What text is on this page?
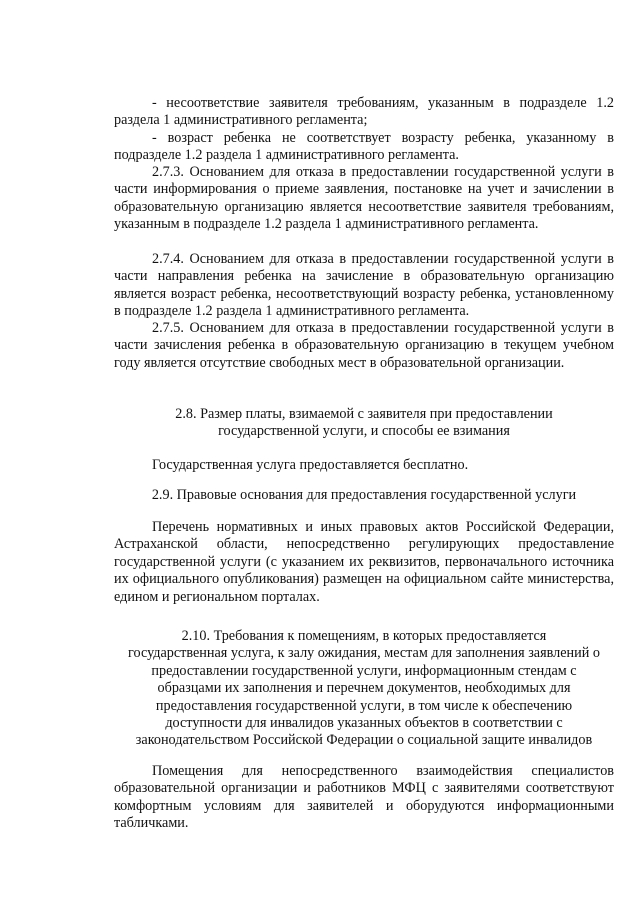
- несоответствие заявителя требованиям, указанным в подразделе 1.2 раздела 1 административного регламента;
- возраст ребенка не соответствует возрасту ребенка, указанному в подразделе 1.2 раздела 1 административного регламента.
2.7.3. Основанием для отказа в предоставлении государственной услуги в части информирования о приеме заявления, постановке на учет и зачислении в образовательную организацию является несоответствие заявителя требованиям, указанным в подразделе 1.2 раздела 1 административного регламента.
2.7.4. Основанием для отказа в предоставлении государственной услуги в части направления ребенка на зачисление в образовательную организацию является возраст ребенка, несоответствующий возрасту ребенка, установленному в подразделе 1.2 раздела 1 административного регламента.
2.7.5. Основанием для отказа в предоставлении государственной услуги в части зачисления ребенка в образовательную организацию в текущем учебном году является отсутствие свободных мест в образовательной организации.
2.8. Размер платы, взимаемой с заявителя при предоставлении
государственной услуги, и способы ее взимания
Государственная услуга предоставляется бесплатно.
2.9. Правовые основания для предоставления государственной услуги
Перечень нормативных и иных правовых актов Российской Федерации, Астраханской области, непосредственно регулирующих предоставление государственной услуги (с указанием их реквизитов, первоначального источника их официального опубликования) размещен на официальном сайте министерства, едином и региональном порталах.
2.10. Требования к помещениям, в которых предоставляется
государственная услуга, к залу ожидания, местам для заполнения заявлений о
предоставлении государственной услуги, информационным стендам с
образцами их заполнения и перечнем документов, необходимых для
предоставления государственной услуги, в том числе к обеспечению
доступности для инвалидов указанных объектов в соответствии с
законодательством Российской Федерации о социальной защите инвалидов
Помещения для непосредственного взаимодействия специалистов образовательной организации и работников МФЦ с заявителями соответствуют комфортным условиям для заявителей и оборудуются информационными табличками.
